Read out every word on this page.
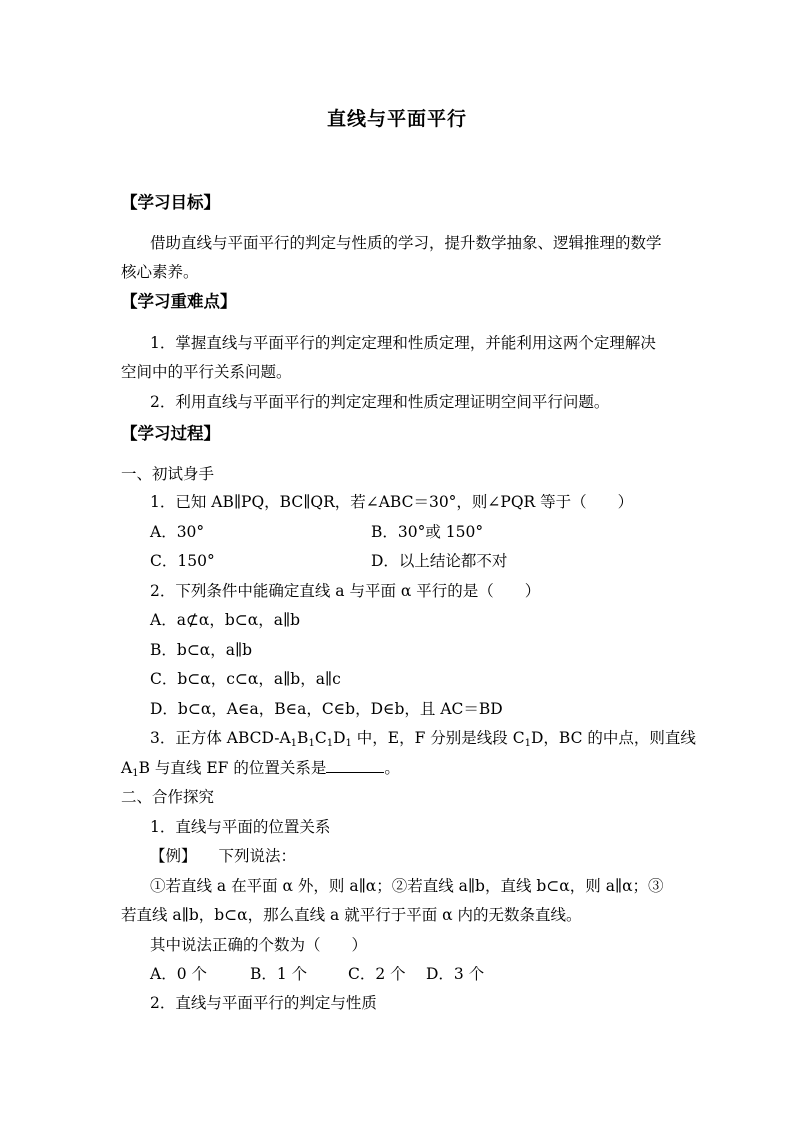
直线与平面平行
【学习目标】
借助直线与平面平行的判定与性质的学习，提升数学抽象、逻辑推理的数学
核心素养。
【学习重难点】
1．掌握直线与平面平行的判定定理和性质定理，并能利用这两个定理解决
空间中的平行关系问题。
2．利用直线与平面平行的判定定理和性质定理证明空间平行问题。
【学习过程】
一、初试身手
1．已知 AB∥PQ，BC∥QR，若∠ABC＝30°，则∠PQR 等于（　　）
A．30°	B．30°或 150°
C．150°	D．以上结论都不对
2．下列条件中能确定直线 a 与平面 α 平行的是（　　）
A．a⊄α，b⊂α，a∥b
B．b⊂α，a∥b
C．b⊂α，c⊂α，a∥b，a∥c
D．b⊂α，A∈a，B∈a，C∈b，D∈b，且 AC＝BD
3．正方体 ABCD-$A_1B_1C_1D_1$ 中，E，F 分别是线段 $C_1D$，BC 的中点，则直线
$A_1B$ 与直线 EF 的位置关系是	。
二、合作探究
1．直线与平面的位置关系
【例】 下列说法：
①若直线 a 在平面 α 外，则 a∥α；②若直线 a∥b，直线 b⊂α，则 a∥α；③
若直线 a∥b，b⊂α，那么直线 a 就平行于平面 α 内的无数条直线。
其中说法正确的个数为（　　）
A．0 个	B．1 个	C．2 个 D．3 个
2．直线与平面平行的判定与性质
